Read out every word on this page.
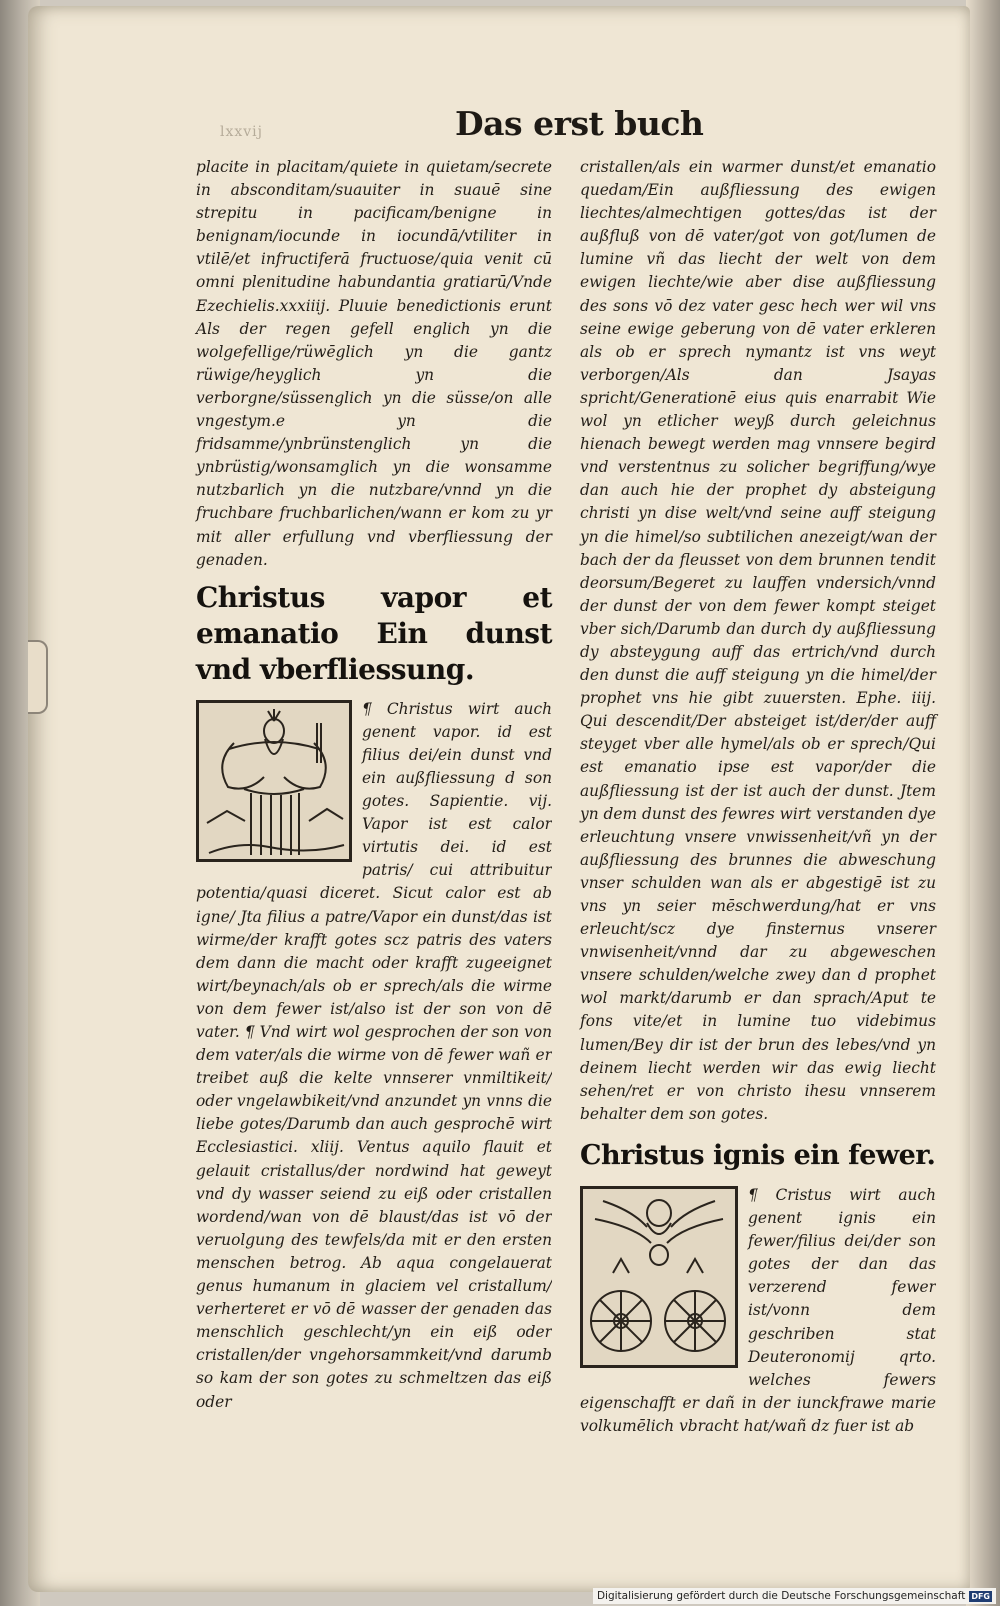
lxxvij	Das erst buch

placite in placitam/quiete in quietam/secrete in absconditam/suauiter in suauē sine strepitu in pacificam/benigne in benignam/iocunde in iocundā/vtiliter in vtilē/et infructiferā fructuose/quia venit cū omni plenitudine habundantia gratiarū/Vnde Ezechielis.xxxiiij. Pluuie benedictionis erunt Als der regen gefell englich yn die wolgefellige/rüwēglich yn die gantz rüwige/heyglich yn die verborgne/süssenglich yn die süsse/on alle vngestym.e yn die fridsamme/ynbrünstenglich yn die ynbrüstig/wonsamglich yn die wonsamme nutzbarlich yn die nutzbare/vnnd yn die fruchbare fruchbarlichen/wann er kom zu yr mit aller erfullung vnd vberfliessung der genaden.

Christus vapor et emanatio Ein dunst vnd vberfliessung.
¶ Christus wirt auch genent vapor. id est filius dei/ein dunst vnd ein außfliessung d son gotes. Sapientie. vij. Vapor ist est calor virtutis dei. id est patris/ cui attribuitur potentia/quasi diceret. Sicut calor est ab igne/ Jta filius a patre/Vapor ein dunst/das ist wirme/der krafft gotes scz patris des vaters dem dann die macht oder krafft zugeeignet wirt/beynach/als ob er sprech/als die wirme von dem fewer ist/also ist der son von dē vater. ¶ Vnd wirt wol gesprochen der son von dem vater/als die wirme von dē fewer wañ er treibet auß die kelte vnnserer vnmiltikeit/ oder vngelawbikeit/vnd anzundet yn vnns die liebe gotes/Darumb dan auch gesprochē wirt Ecclesiastici. xliij. Ventus aquilo flauit et gelauit cristallus/der nordwind hat geweyt vnd dy wasser seiend zu eiß oder cristallen wordend/wan von dē blaust/das ist vō der veruolgung des tewfels/da mit er den ersten menschen betrog. Ab aqua congelauerat genus humanum in glaciem vel cristallum/ verherteret er vō dē wasser der genaden das menschlich geschlecht/yn ein eiß oder cristallen/der vngehorsammkeit/vnd darumb so kam der son gotes zu schmeltzen das eiß oder

cristallen/als ein warmer dunst/et emanatio quedam/Ein außfliessung des ewigen liechtes/almechtigen gottes/das ist der außfluß von dē vater/got von got/lumen de lumine vñ das liecht der welt von dem ewigen liechte/wie aber dise außfliessung des sons vō dez vater gesc hech wer wil vns seine ewige geberung von dē vater erkleren als ob er sprech nymantz ist vns weyt verborgen/Als dan Jsayas spricht/Generationē eius quis enarrabit Wie wol yn etlicher weyß durch geleichnus hienach bewegt werden mag vnnsere begird vnd verstentnus zu solicher begriffung/wye dan auch hie der prophet dy absteigung christi yn dise welt/vnd seine auff steigung yn die himel/so subtilichen anezeigt/wan der bach der da fleusset von dem brunnen tendit deorsum/Begeret zu lauffen vndersich/vnnd der dunst der von dem fewer kompt steiget vber sich/Darumb dan durch dy außfliessung dy absteygung auff das ertrich/vnd durch den dunst die auff steigung yn die himel/der prophet vns hie gibt zuuersten. Ephe. iiij. Qui descendit/Der absteiget ist/der/der auff steyget vber alle hymel/als ob er sprech/Qui est emanatio ipse est vapor/der die außfliessung ist der ist auch der dunst. Jtem yn dem dunst des fewres wirt verstanden dye erleuchtung vnsere vnwissenheit/vñ yn der außfliessung des brunnes die abweschung vnser schulden wan als er abgestigē ist zu vns yn seier mēschwerdung/hat er vns erleucht/scz dye finsternus vnserer vnwisenheit/vnnd dar zu abgeweschen vnsere schulden/welche zwey dan d prophet wol markt/darumb er dan sprach/Aput te fons vite/et in lumine tuo videbimus lumen/Bey dir ist der brun des lebes/vnd yn deinem liecht werden wir das ewig liecht sehen/ret er von christo ihesu vnnserem behalter dem son gotes.

Christus ignis ein fewer.
¶ Cristus wirt auch genent ignis ein fewer/filius dei/der son gotes der dan das verzerend fewer ist/vonn dem geschriben stat Deuteronomij qrto. welches fewers eigenschafft er dañ in der iunckfrawe marie volkumēlich vbracht hat/wañ dz fuer ist ab
Digitalisierung gefördert durch die Deutsche Forschungsgemeinschaft DFG
